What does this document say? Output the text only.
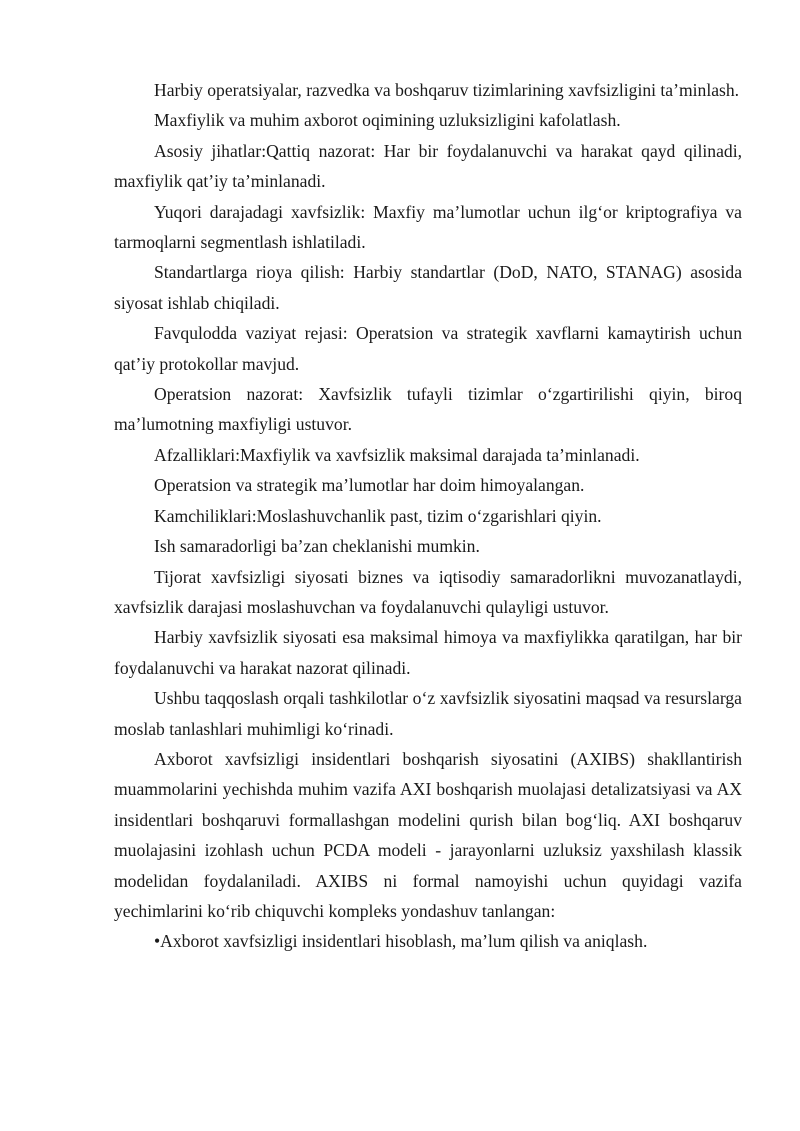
Harbiy operatsiyalar, razvedka va boshqaruv tizimlarining xavfsizligini ta’minlash.

Maxfiylik va muhim axborot oqimining uzluksizligini kafolatlash.

Asosiy jihatlar:Qattiq nazorat: Har bir foydalanuvchi va harakat qayd qilinadi, maxfiylik qat’iy ta’minlanadi.

Yuqori darajadagi xavfsizlik: Maxfiy ma’lumotlar uchun ilg‘or kriptografiya va tarmoqlarni segmentlash ishlatiladi.

Standartlarga rioya qilish: Harbiy standartlar (DoD, NATO, STANAG) asosida siyosat ishlab chiqiladi.

Favqulodda vaziyat rejasi: Operatsion va strategik xavflarni kamaytirish uchun qat’iy protokollar mavjud.

Operatsion nazorat: Xavfsizlik tufayli tizimlar o‘zgartirilishi qiyin, biroq ma’lumotning maxfiyligi ustuvor.

Afzalliklari:Maxfiylik va xavfsizlik maksimal darajada ta’minlanadi.

Operatsion va strategik ma’lumotlar har doim himoyalangan.

Kamchiliklari:Moslashuvchanlik past, tizim o‘zgarishlari qiyin.

Ish samaradorligi ba’zan cheklanishi mumkin.

Tijorat xavfsizligi siyosati biznes va iqtisodiy samaradorlikni muvozanatlaydi, xavfsizlik darajasi moslashuvchan va foydalanuvchi qulayligi ustuvor.

Harbiy xavfsizlik siyosati esa maksimal himoya va maxfiylikka qaratilgan, har bir foydalanuvchi va harakat nazorat qilinadi.

Ushbu taqqoslash orqali tashkilotlar o‘z xavfsizlik siyosatini maqsad va resurslarga moslab tanlashlari muhimligi ko‘rinadi.

Axborot xavfsizligi insidentlari boshqarish siyosatini (AXIBS) shakllantirish muammolarini yechishda muhim vazifa AXI boshqarish muolajasi detalizatsiyasi va AX insidentlari boshqaruvi formallashgan modelini qurish bilan bog‘liq. AXI boshqaruv muolajasini izohlash uchun PCDA modeli - jarayonlarni uzluksiz yaxshilash klassik modelidan foydalaniladi. AXIBS ni formal namoyishi uchun quyidagi vazifa yechimlarini ko‘rib chiquvchi kompleks yondashuv tanlangan:

•Axborot xavfsizligi insidentlari hisoblash, ma’lum qilish va aniqlash.
